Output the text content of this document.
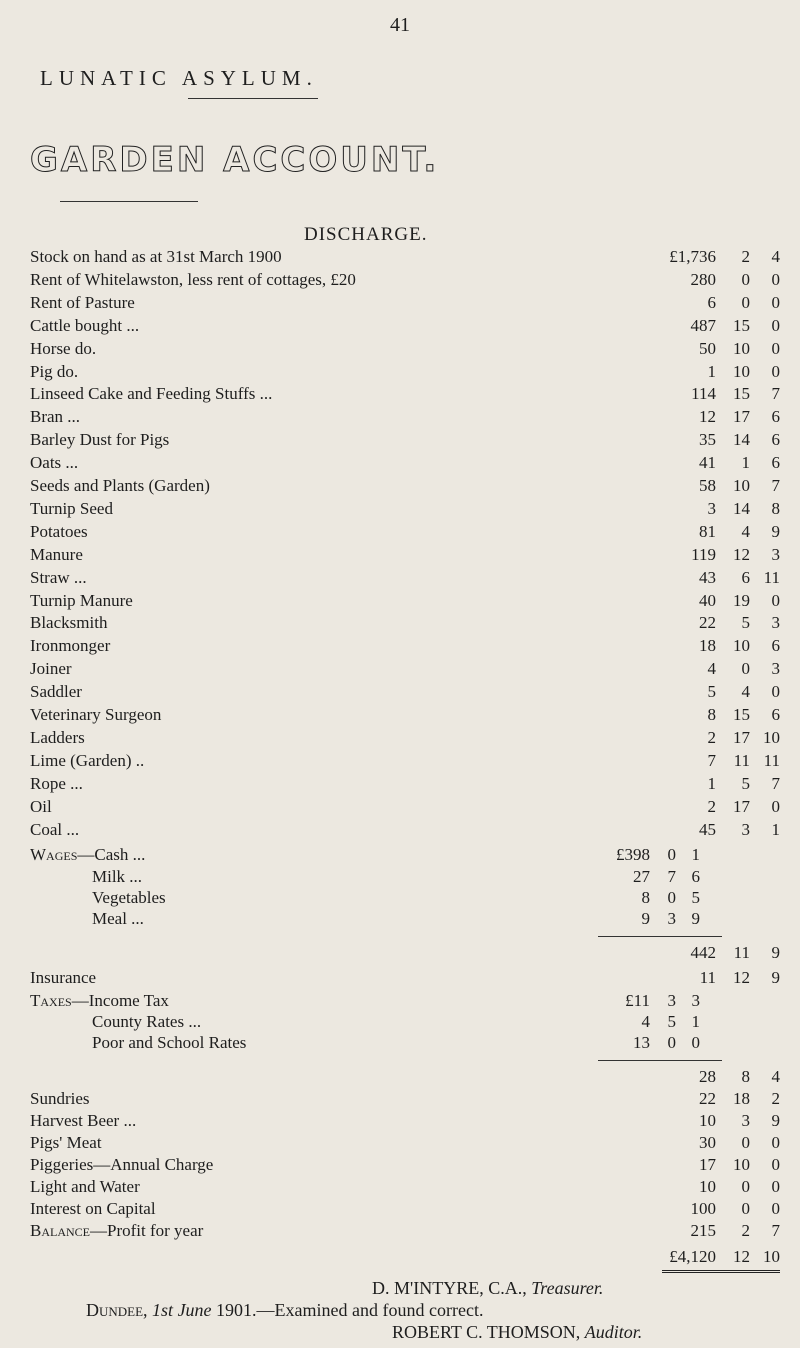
41
LUNATIC ASYLUM.
GARDEN ACCOUNT.
DISCHARGE.
Stock on hand as at 31st March 1900	£1,736 2 4
Rent of Whitelawston, less rent of cottages, £20	280 0 0
Rent of Pasture	6 0 0
Cattle bought ...	487 15 0
Horse do.	50 10 0
Pig do.	1 10 0
Linseed Cake and Feeding Stuffs ...	114 15 7
Bran ...	12 17 6
Barley Dust for Pigs	35 14 6
Oats ...	41 1 6
Seeds and Plants (Garden)	58 10 7
Turnip Seed	3 14 8
Potatoes	81 4 9
Manure	119 12 3
Straw ...	43 6 11
Turnip Manure	40 19 0
Blacksmith	22 5 3
Ironmonger	18 10 6
Joiner	4 0 3
Saddler	5 4 0
Veterinary Surgeon	8 15 6
Ladders	2 17 10
Lime (Garden) ..	7 11 11
Rope ...	1 5 7
Oil	2 17 0
Coal ...	45 3 1
Wages—Cash ...	£398 0 1
Milk ...	27 7 6
Vegetables	8 0 5
Meal ...	9 3 9
442 11 9
Insurance	11 12 9
Taxes—Income Tax	£11 3 3
County Rates ...	4 5 1
Poor and School Rates	13 0 0
28 8 4
Sundries	22 18 2
Harvest Beer ...	10 3 9
Pigs' Meat	30 0 0
Piggeries—Annual Charge	17 10 0
Light and Water	10 0 0
Interest on Capital	100 0 0
Balance—Profit for year	215 2 7
£4,120 12 10
D. M'INTYRE, C.A., Treasurer.
Dundee, 1st June 1901.—Examined and found correct.
ROBERT C. THOMSON, Auditor.
